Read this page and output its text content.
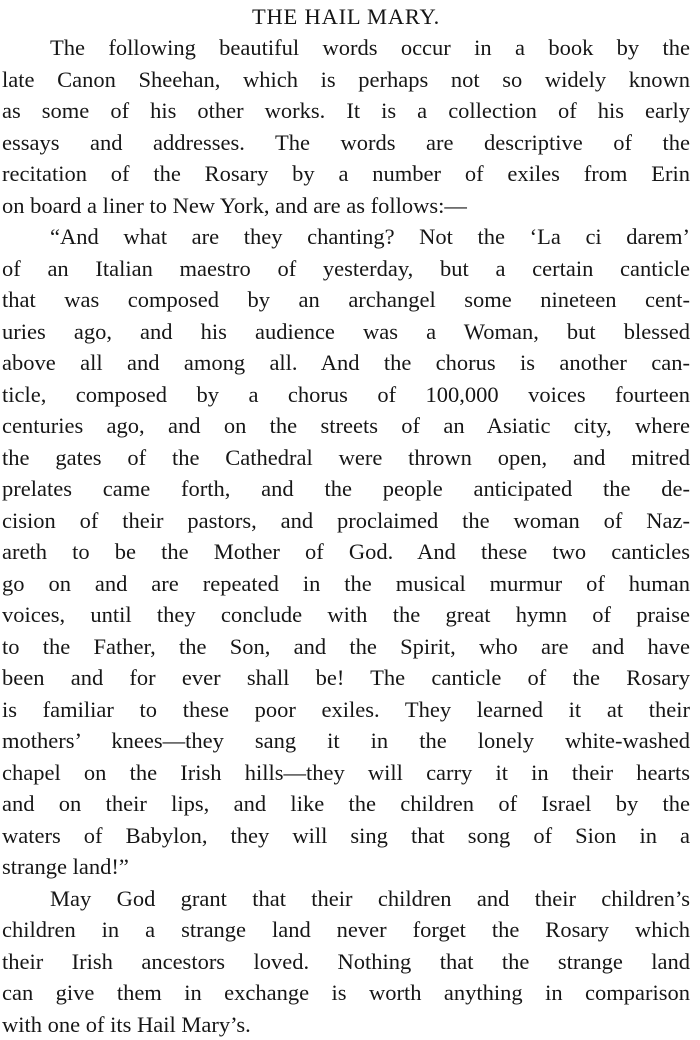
THE HAIL MARY.
The following beautiful words occur in a book by the
late Canon Sheehan, which is perhaps not so widely known
as some of his other works. It is a collection of his early
essays and addresses. The words are descriptive of the
recitation of the Rosary by a number of exiles from Erin
on board a liner to New York, and are as follows:—
“And what are they chanting? Not the ‘La ci darem’
of an Italian maestro of yesterday, but a certain canticle
that was composed by an archangel some nineteen cent-
uries ago, and his audience was a Woman, but blessed
above all and among all. And the chorus is another can-
ticle, composed by a chorus of 100,000 voices fourteen
centuries ago, and on the streets of an Asiatic city, where
the gates of the Cathedral were thrown open, and mitred
prelates came forth, and the people anticipated the de-
cision of their pastors, and proclaimed the woman of Naz-
areth to be the Mother of God. And these two canticles
go on and are repeated in the musical murmur of human
voices, until they conclude with the great hymn of praise
to the Father, the Son, and the Spirit, who are and have
been and for ever shall be! The canticle of the Rosary
is familiar to these poor exiles. They learned it at their
mothers’ knees—they sang it in the lonely white-washed
chapel on the Irish hills—they will carry it in their hearts
and on their lips, and like the children of Israel by the
waters of Babylon, they will sing that song of Sion in a
strange land!”
May God grant that their children and their children’s
children in a strange land never forget the Rosary which
their Irish ancestors loved. Nothing that the strange land
can give them in exchange is worth anything in comparison
with one of its Hail Mary’s.
